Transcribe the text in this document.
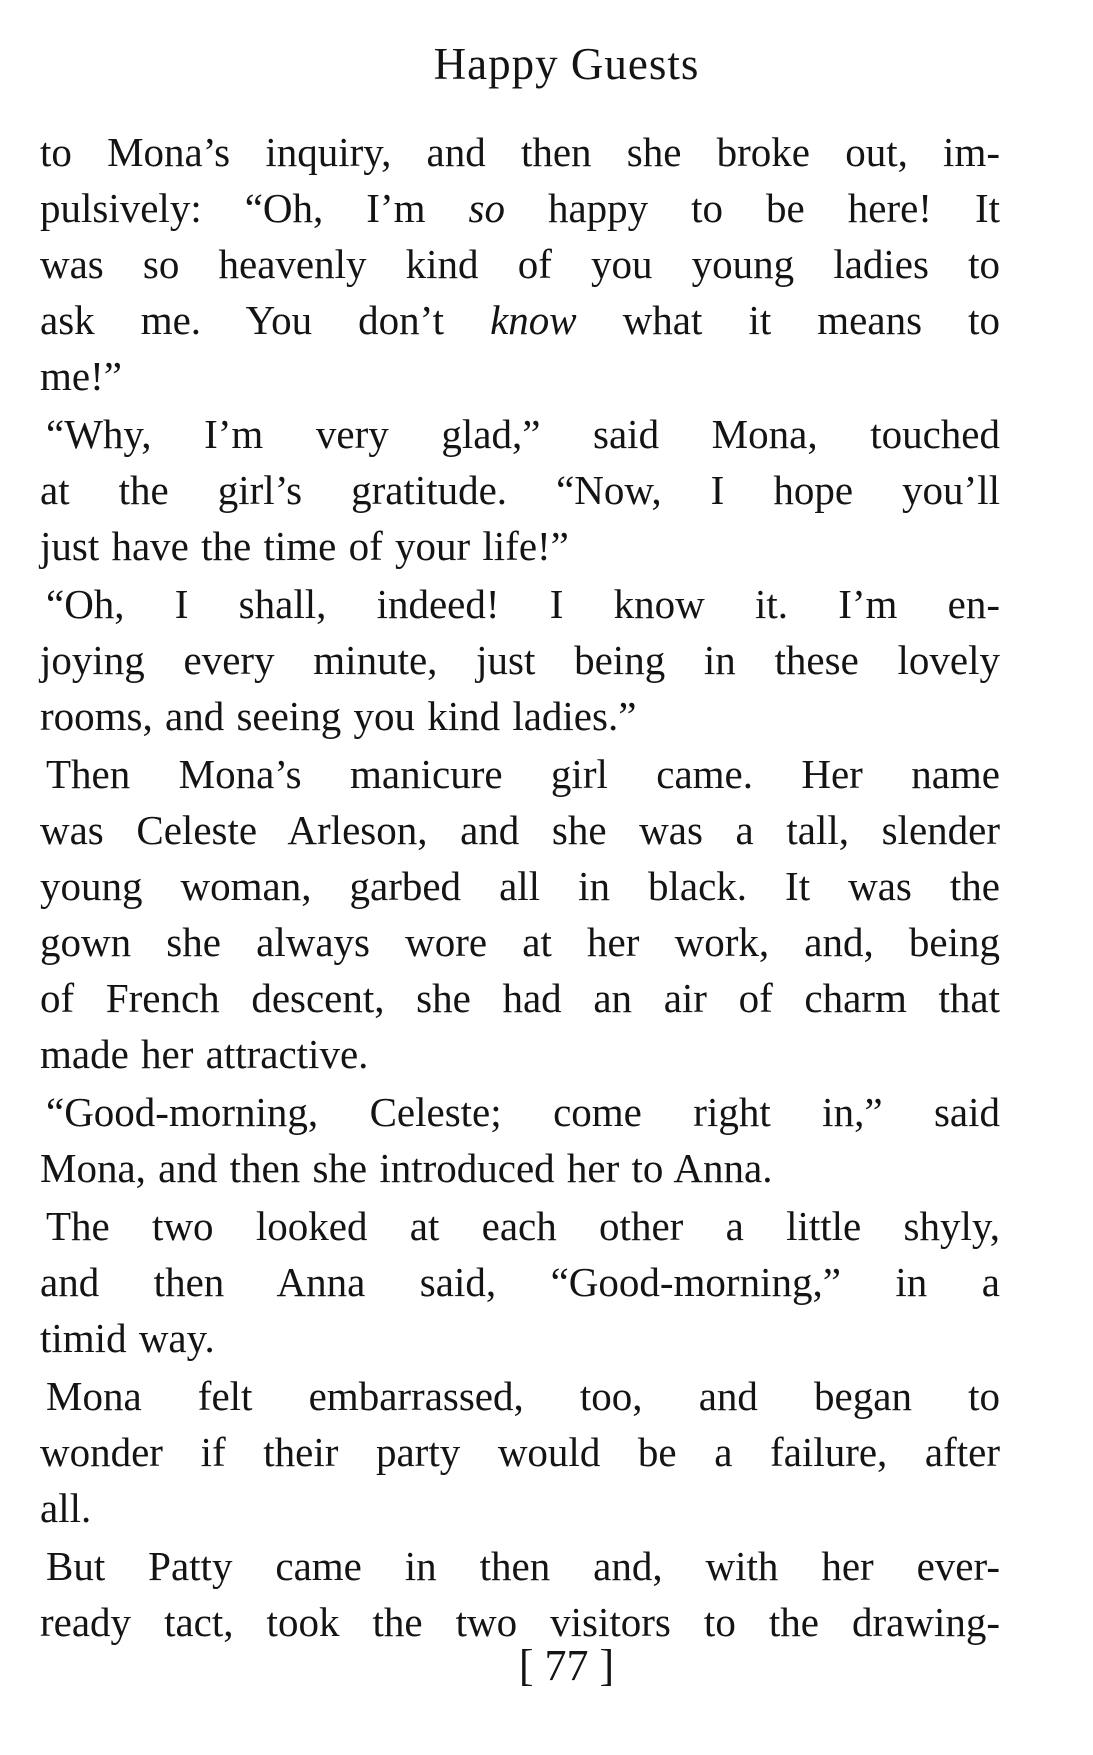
Happy Guests
to Mona’s inquiry, and then she broke out, im-
pulsively: “Oh, I’m so happy to be here! It
was so heavenly kind of you young ladies to
ask me. You don’t know what it means to
me!”
“Why, I’m very glad,” said Mona, touched
at the girl’s gratitude. “Now, I hope you’ll
just have the time of your life!”
“Oh, I shall, indeed! I know it. I’m en-
joying every minute, just being in these lovely
rooms, and seeing you kind ladies.”
Then Mona’s manicure girl came. Her name
was Celeste Arleson, and she was a tall, slender
young woman, garbed all in black. It was the
gown she always wore at her work, and, being
of French descent, she had an air of charm that
made her attractive.
“Good-morning, Celeste; come right in,” said
Mona, and then she introduced her to Anna.
The two looked at each other a little shyly,
and then Anna said, “Good-morning,” in a
timid way.
Mona felt embarrassed, too, and began to
wonder if their party would be a failure, after
all.
But Patty came in then and, with her ever-
ready tact, took the two visitors to the drawing-
[ 77 ]
